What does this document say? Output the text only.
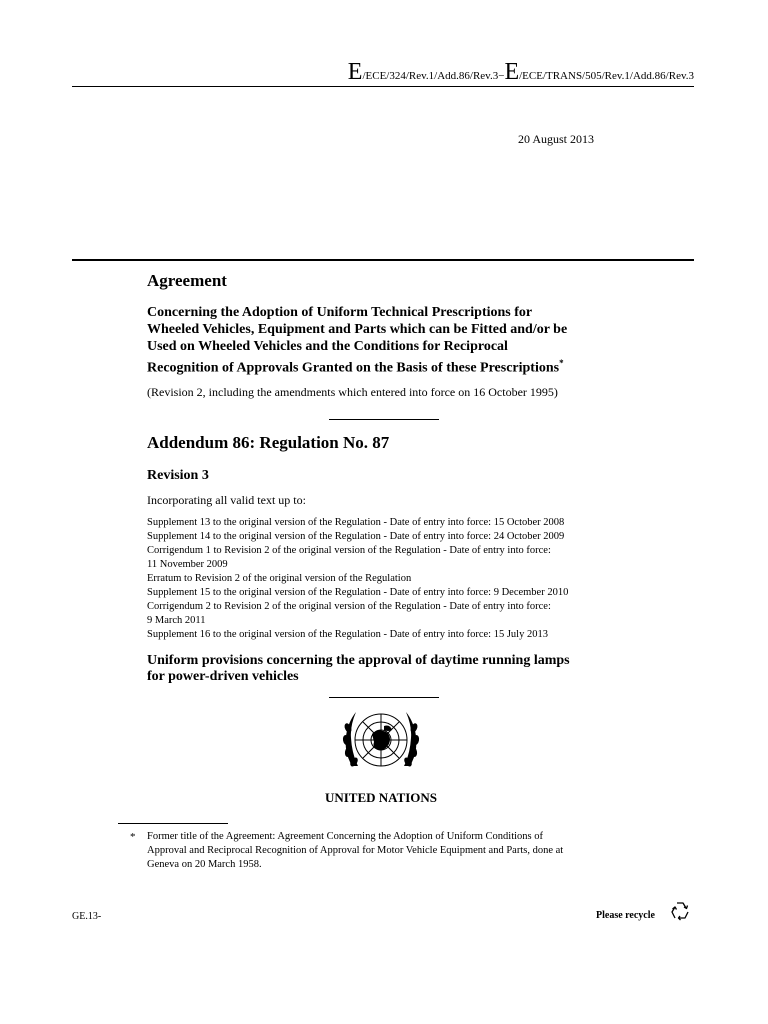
E/ECE/324/Rev.1/Add.86/Rev.3−E/ECE/TRANS/505/Rev.1/Add.86/Rev.3
20 August 2013
Agreement
Concerning the Adoption of Uniform Technical Prescriptions for
Wheeled Vehicles, Equipment and Parts which can be Fitted and/or be
Used on Wheeled Vehicles and the Conditions for Reciprocal
Recognition of Approvals Granted on the Basis of these Prescriptions*
(Revision 2, including the amendments which entered into force on 16 October 1995)
Addendum 86: Regulation No. 87
Revision 3
Incorporating all valid text up to:
Supplement 13 to the original version of the Regulation - Date of entry into force: 15 October 2008
Supplement 14 to the original version of the Regulation - Date of entry into force: 24 October 2009
Corrigendum 1 to Revision 2 of the original version of the Regulation - Date of entry into force:
11 November 2009
Erratum to Revision 2 of the original version of the Regulation
Supplement 15 to the original version of the Regulation - Date of entry into force: 9 December 2010
Corrigendum 2 to Revision 2 of the original version of the Regulation - Date of entry into force:
9 March 2011
Supplement 16 to the original version of the Regulation - Date of entry into force: 15 July 2013
Uniform provisions concerning the approval of daytime running lamps
for power-driven vehicles
UNITED NATIONS
* Former title of the Agreement: Agreement Concerning the Adoption of Uniform Conditions of
Approval and Reciprocal Recognition of Approval for Motor Vehicle Equipment and Parts, done at
Geneva on 20 March 1958.
GE.13-	Please recycle
